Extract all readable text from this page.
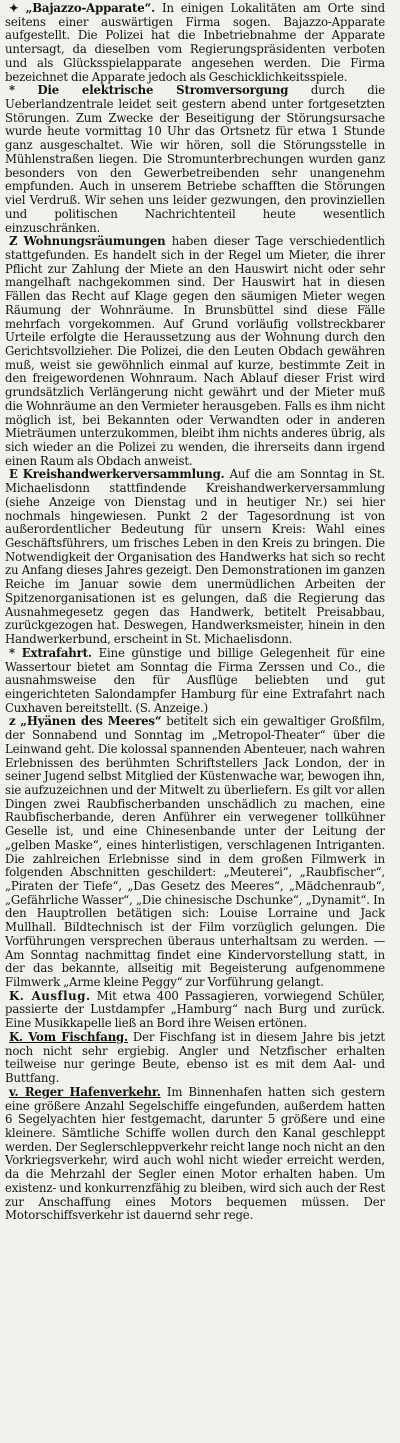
✦ „Bajazzo-Apparate“. In einigen Lokalitäten am Orte sind seitens einer auswärtigen Firma sogen. Bajazzo-Apparate aufgestellt. Die Polizei hat die Inbetriebnahme der Apparate untersagt, da dieselben vom Regierungspräsidenten verboten und als Glücksspielapparate angesehen werden. Die Firma bezeichnet die Apparate jedoch als Geschicklichkeitsspiele.

* Die elektrische Stromversorgung durch die Ueberlandzentrale leidet seit gestern abend unter fortgesetzten Störungen. Zum Zwecke der Beseitigung der Störungsursache wurde heute vormittag 10 Uhr das Ortsnetz für etwa 1 Stunde ganz ausgeschaltet. Wie wir hören, soll die Störungsstelle in Mühlenstraßen liegen. Die Stromunterbrechungen wurden ganz besonders von den Gewerbetreibenden sehr unangenehm empfunden. Auch in unserem Betriebe schafften die Störungen viel Verdruß. Wir sehen uns leider gezwungen, den provinziellen und politischen Nachrichtenteil heute wesentlich einzuschränken.

Z Wohnungsräumungen haben dieser Tage verschiedentlich stattgefunden. Es handelt sich in der Regel um Mieter, die ihrer Pflicht zur Zahlung der Miete an den Hauswirt nicht oder sehr mangelhaft nachgekommen sind. Der Hauswirt hat in diesen Fällen das Recht auf Klage gegen den säumigen Mieter wegen Räumung der Wohnräume. In Brunsbüttel sind diese Fälle mehrfach vorgekommen. Auf Grund vorläufig vollstreckbarer Urteile erfolgte die Heraussetzung aus der Wohnung durch den Gerichtsvollzieher. Die Polizei, die den Leuten Obdach gewähren muß, weist sie gewöhnlich einmal auf kurze, bestimmte Zeit in den freigewordenen Wohnraum. Nach Ablauf dieser Frist wird grundsätzlich Verlängerung nicht gewährt und der Mieter muß die Wohnräume an den Vermieter herausgeben. Falls es ihm nicht möglich ist, bei Bekannten oder Verwandten oder in anderen Mieträumen unterzukommen, bleibt ihm nichts anderes übrig, als sich wieder an die Polizei zu wenden, die ihrerseits dann irgend einen Raum als Obdach anweist.

E Kreishandwerkerversammlung. Auf die am Sonntag in St. Michaelisdonn stattfindende Kreishandwerkerversammlung (siehe Anzeige von Dienstag und in heutiger Nr.) sei hier nochmals hingewiesen. Punkt 2 der Tagesordnung ist von außerordentlicher Bedeutung für unsern Kreis: Wahl eines Geschäftsführers, um frisches Leben in den Kreis zu bringen. Die Notwendigkeit der Organisation des Handwerks hat sich so recht zu Anfang dieses Jahres gezeigt. Den Demonstrationen im ganzen Reiche im Januar sowie dem unermüdlichen Arbeiten der Spitzenorganisationen ist es gelungen, daß die Regierung das Ausnahmegesetz gegen das Handwerk, betitelt Preisabbau, zurückgezogen hat. Deswegen, Handwerksmeister, hinein in den Handwerkerbund, erscheint in St. Michaelisdonn.

* Extrafahrt. Eine günstige und billige Gelegenheit für eine Wassertour bietet am Sonntag die Firma Zerssen und Co., die ausnahmsweise den für Ausflüge beliebten und gut eingerichteten Salondampfer Hamburg für eine Extrafahrt nach Cuxhaven bereitstellt. (S. Anzeige.)

z „Hyänen des Meeres“ betitelt sich ein gewaltiger Großfilm, der Sonnabend und Sonntag im „Metropol-Theater“ über die Leinwand geht. Die kolossal spannenden Abenteuer, nach wahren Erlebnissen des berühmten Schriftstellers Jack London, der in seiner Jugend selbst Mitglied der Küstenwache war, bewogen ihn, sie aufzuzeichnen und der Mitwelt zu überliefern. Es gilt vor allen Dingen zwei Raubfischerbanden unschädlich zu machen, eine Raubfischerbande, deren Anführer ein verwegener tollkühner Geselle ist, und eine Chinesenbande unter der Leitung der „gelben Maske“, eines hinterlistigen, verschlagenen Intriganten. Die zahlreichen Erlebnisse sind in dem großen Filmwerk in folgenden Abschnitten geschildert: „Meuterei“, „Raubfischer“, „Piraten der Tiefe“, „Das Gesetz des Meeres“, „Mädchenraub“, „Gefährliche Wasser“, „Die chinesische Dschunke“, „Dynamit“. In den Hauptrollen betätigen sich: Louise Lorraine und Jack Mullhall. Bildtechnisch ist der Film vorzüglich gelungen. Die Vorführungen versprechen überaus unterhaltsam zu werden. — Am Sonntag nachmittag findet eine Kindervorstellung statt, in der das bekannte, allseitig mit Begeisterung aufgenommene Filmwerk „Arme kleine Peggy“ zur Vorführung gelangt.

K. Ausflug. Mit etwa 400 Passagieren, vorwiegend Schüler, passierte der Lustdampfer „Hamburg“ nach Burg und zurück. Eine Musikkapelle ließ an Bord ihre Weisen ertönen.

K. Vom Fischfang. Der Fischfang ist in diesem Jahre bis jetzt noch nicht sehr ergiebig. Angler und Netzfischer erhalten teilweise nur geringe Beute, ebenso ist es mit dem Aal- und Buttfang.

v. Reger Hafenverkehr. Im Binnenhafen hatten sich gestern eine größere Anzahl Segelschiffe eingefunden, außerdem hatten 6 Segelyachten hier festgemacht, darunter 5 größere und eine kleinere. Sämtliche Schiffe wollen durch den Kanal geschleppt werden. Der Seglerschleppverkehr reicht lange noch nicht an den Vorkriegsverkehr, wird auch wohl nicht wieder erreicht werden, da die Mehrzahl der Segler einen Motor erhalten haben. Um existenz- und konkurrenzfähig zu bleiben, wird sich auch der Rest zur Anschaffung eines Motors bequemen müssen. Der Motorschiffsverkehr ist dauernd sehr rege.
